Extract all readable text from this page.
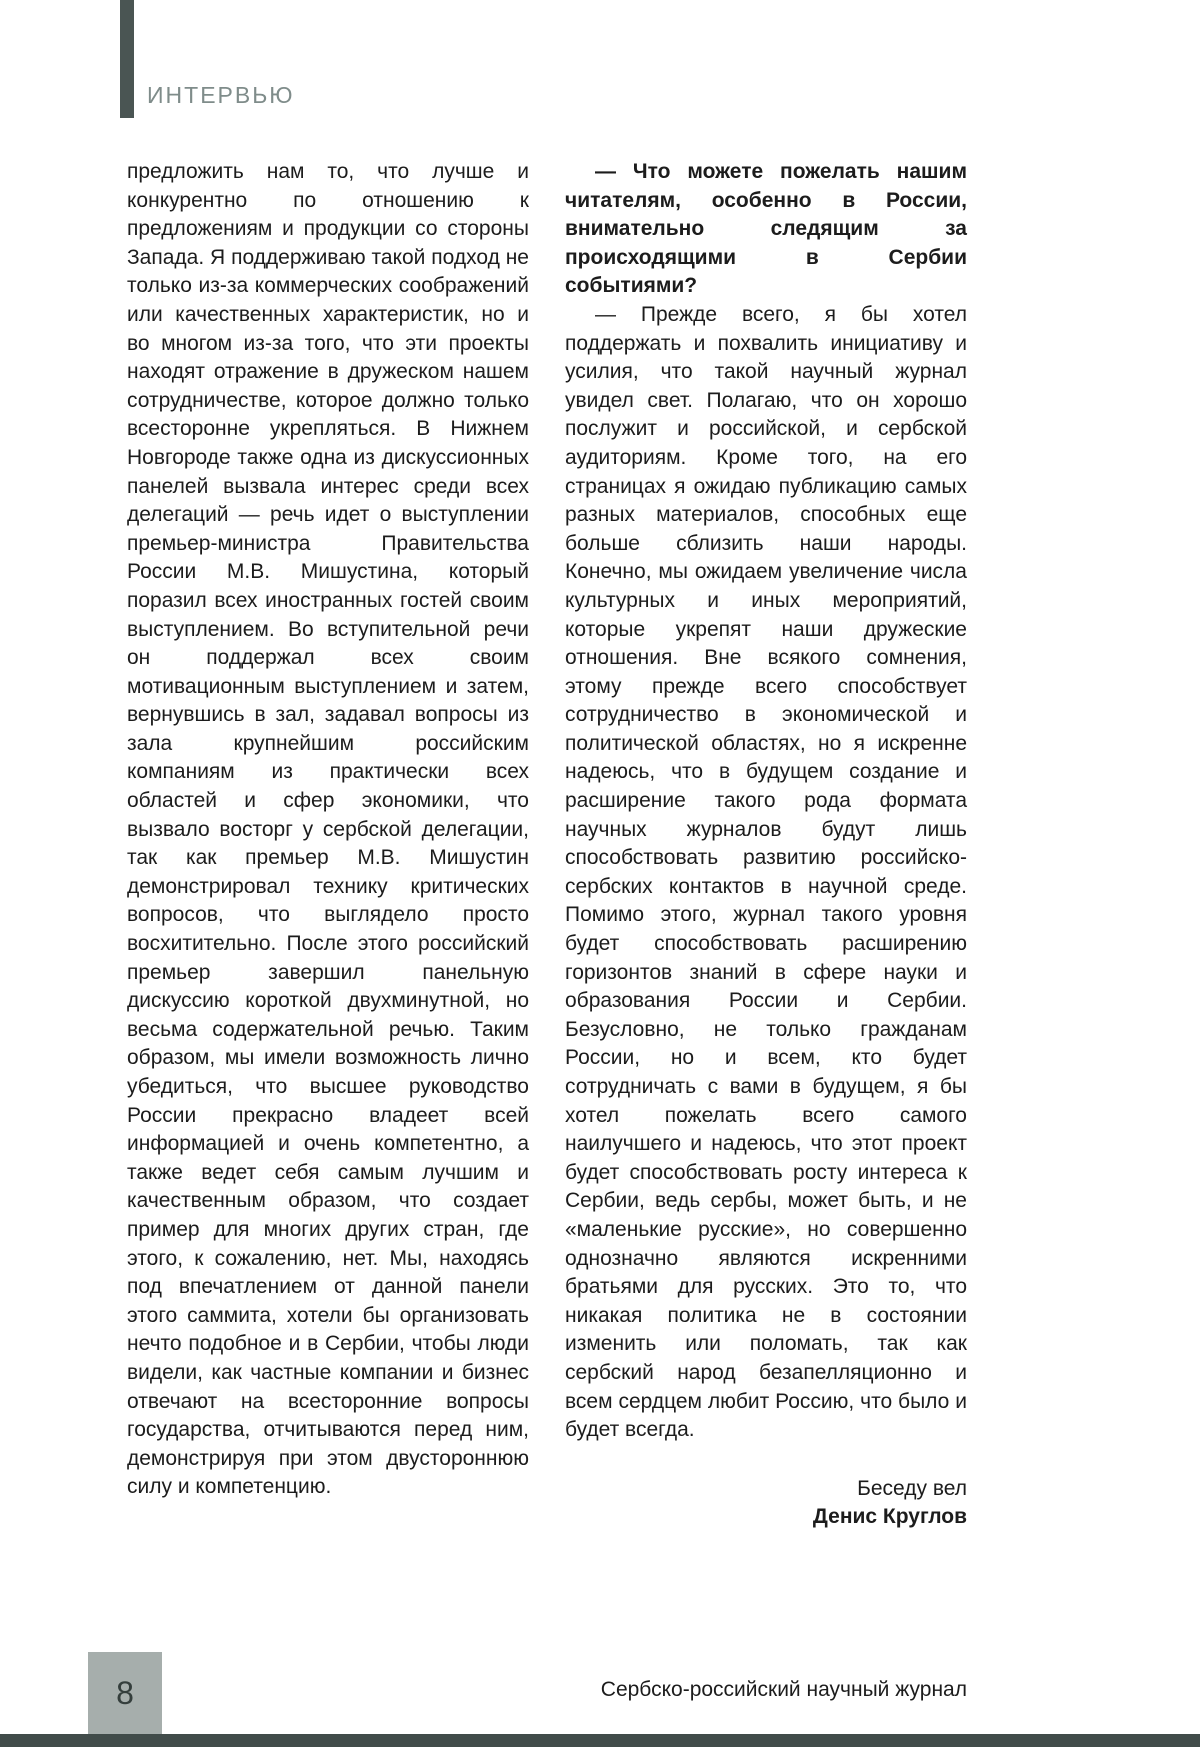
ИНТЕРВЬЮ

предложить нам то, что лучше и конкурентно по отношению к предложениям и продукции со стороны Запада. Я поддерживаю такой подход не только из-за коммерческих соображений или качественных характеристик, но и во многом из-за того, что эти проекты находят отражение в дружеском нашем сотрудничестве, которое должно только всесторонне укрепляться. В Нижнем Новгороде также одна из дискуссионных панелей вызвала интерес среди всех делегаций — речь идет о выступлении премьер-министра Правительства России М.В. Мишустина, который поразил всех иностранных гостей своим выступлением. Во вступительной речи он поддержал всех своим мотивационным выступлением и затем, вернувшись в зал, задавал вопросы из зала крупнейшим российским компаниям из практически всех областей и сфер экономики, что вызвало восторг у сербской делегации, так как премьер М.В. Мишустин демонстрировал технику критических вопросов, что выглядело просто восхитительно. После этого российский премьер завершил панельную дискуссию короткой двухминутной, но весьма содержательной речью. Таким образом, мы имели возможность лично убедиться, что высшее руководство России прекрасно владеет всей информацией и очень компетентно, а также ведет себя самым лучшим и качественным образом, что создает пример для многих других стран, где этого, к сожалению, нет. Мы, находясь под впечатлением от данной панели этого саммита, хотели бы организовать нечто подобное и в Сербии, чтобы люди видели, как частные компании и бизнес отвечают на всесторонние вопросы государства, отчитываются перед ним, демонстрируя при этом двустороннюю силу и компетенцию.

— Что можете пожелать нашим читателям, особенно в России, внимательно следящим за происходящими в Сербии событиями?

— Прежде всего, я бы хотел поддержать и похвалить инициативу и усилия, что такой научный журнал увидел свет. Полагаю, что он хорошо послужит и российской, и сербской аудиториям. Кроме того, на его страницах я ожидаю публикацию самых разных материалов, способных еще больше сблизить наши народы. Конечно, мы ожидаем увеличение числа культурных и иных мероприятий, которые укрепят наши дружеские отношения. Вне всякого сомнения, этому прежде всего способствует сотрудничество в экономической и политической областях, но я искренне надеюсь, что в будущем создание и расширение такого рода формата научных журналов будут лишь способствовать развитию российско-сербских контактов в научной среде. Помимо этого, журнал такого уровня будет способствовать расширению горизонтов знаний в сфере науки и образования России и Сербии. Безусловно, не только гражданам России, но и всем, кто будет сотрудничать с вами в будущем, я бы хотел пожелать всего самого наилучшего и надеюсь, что этот проект будет способствовать росту интереса к Сербии, ведь сербы, может быть, и не «маленькие русские», но совершенно однозначно являются искренними братьями для русских. Это то, что никакая политика не в состоянии изменить или поломать, так как сербский народ безапелляционно и всем сердцем любит Россию, что было и будет всегда.

Беседу вел
Денис Круглов
8	Сербско-российский научный журнал
